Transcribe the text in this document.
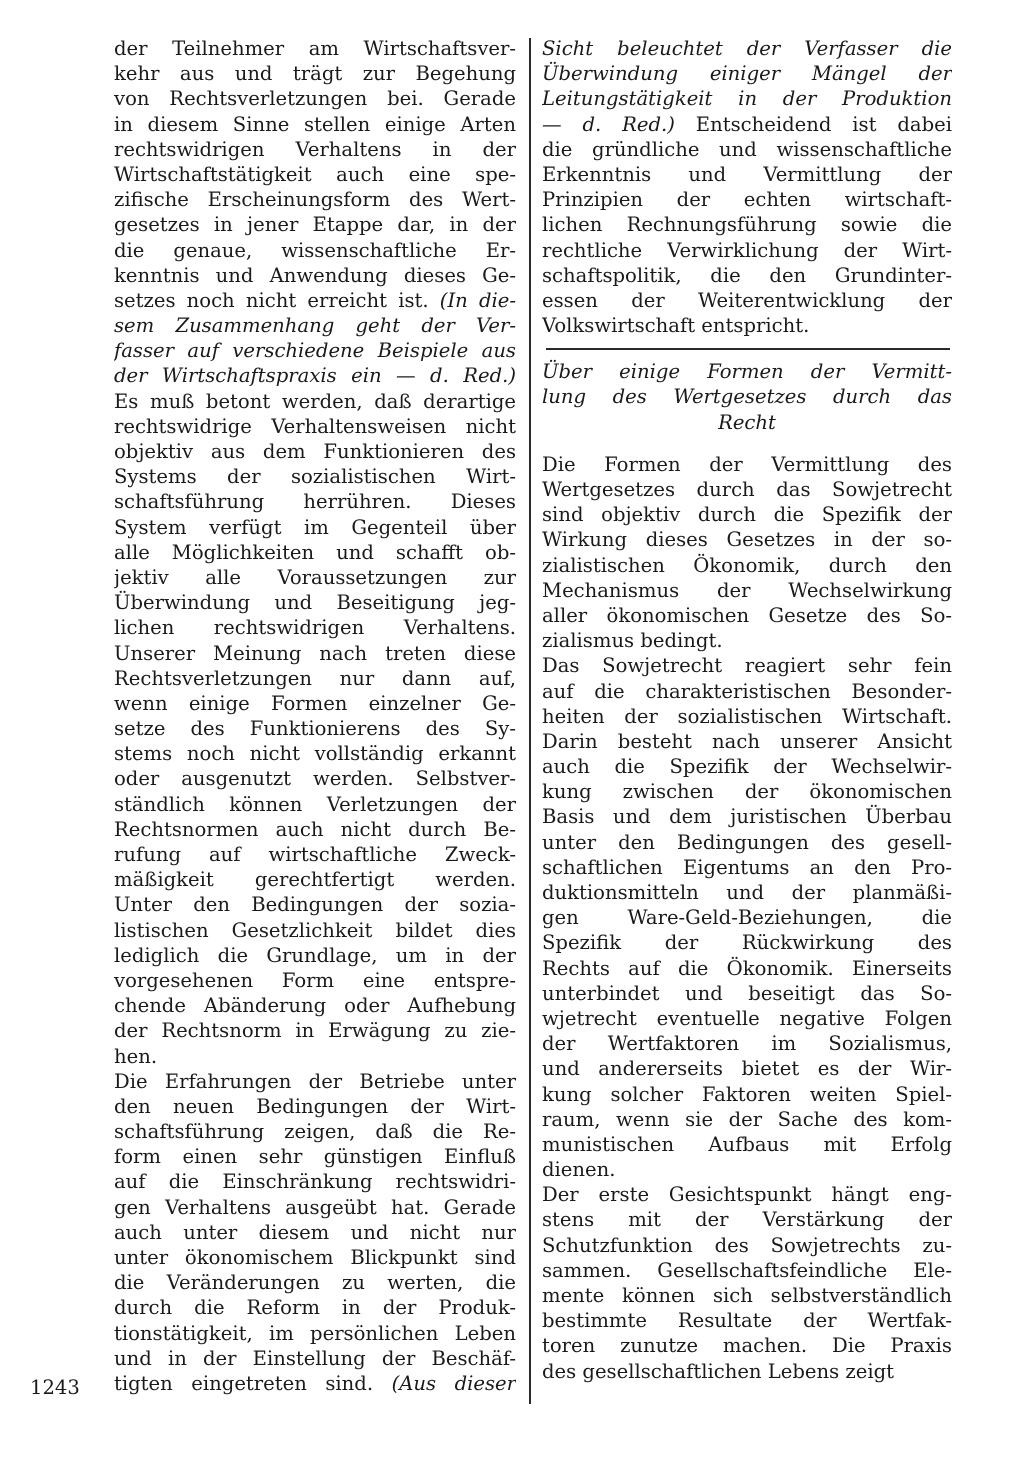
der Teilnehmer am Wirtschaftsver-
kehr aus und trägt zur Begehung
von Rechtsverletzungen bei. Gerade
in diesem Sinne stellen einige Arten
rechtswidrigen Verhaltens in der
Wirtschaftstätigkeit auch eine spe-
zifische Erscheinungsform des Wert-
gesetzes in jener Etappe dar, in der
die genaue, wissenschaftliche Er-
kenntnis und Anwendung dieses Ge-
setzes noch nicht erreicht ist. (In die-
sem Zusammenhang geht der Ver-
fasser auf verschiedene Beispiele aus
der Wirtschaftspraxis ein — d. Red.)
Es muß betont werden, daß derartige
rechtswidrige Verhaltensweisen nicht
objektiv aus dem Funktionieren des
Systems der sozialistischen Wirt-
schaftsführung herrühren. Dieses
System verfügt im Gegenteil über
alle Möglichkeiten und schafft ob-
jektiv alle Voraussetzungen zur
Überwindung und Beseitigung jeg-
lichen rechtswidrigen Verhaltens.
Unserer Meinung nach treten diese
Rechtsverletzungen nur dann auf,
wenn einige Formen einzelner Ge-
setze des Funktionierens des Sy-
stems noch nicht vollständig erkannt
oder ausgenutzt werden. Selbstver-
ständlich können Verletzungen der
Rechtsnormen auch nicht durch Be-
rufung auf wirtschaftliche Zweck-
mäßigkeit gerechtfertigt werden.
Unter den Bedingungen der sozia-
listischen Gesetzlichkeit bildet dies
lediglich die Grundlage, um in der
vorgesehenen Form eine entspre-
chende Abänderung oder Aufhebung
der Rechtsnorm in Erwägung zu zie-
hen.
Die Erfahrungen der Betriebe unter
den neuen Bedingungen der Wirt-
schaftsführung zeigen, daß die Re-
form einen sehr günstigen Einfluß
auf die Einschränkung rechtswidri-
gen Verhaltens ausgeübt hat. Gerade
auch unter diesem und nicht nur
unter ökonomischem Blickpunkt sind
die Veränderungen zu werten, die
durch die Reform in der Produk-
tionstätigkeit, im persönlichen Leben
und in der Einstellung der Beschäf-
tigten eingetreten sind. (Aus dieser
Sicht beleuchtet der Verfasser die
Überwindung einiger Mängel der
Leitungstätigkeit in der Produktion
— d. Red.) Entscheidend ist dabei
die gründliche und wissenschaftliche
Erkenntnis und Vermittlung der
Prinzipien der echten wirtschaft-
lichen Rechnungsführung sowie die
rechtliche Verwirklichung der Wirt-
schaftspolitik, die den Grundinter-
essen der Weiterentwicklung der
Volkswirtschaft entspricht.
Über einige Formen der Vermitt-
lung des Wertgesetzes durch das
Recht
Die Formen der Vermittlung des
Wertgesetzes durch das Sowjetrecht
sind objektiv durch die Spezifik der
Wirkung dieses Gesetzes in der so-
zialistischen Ökonomik, durch den
Mechanismus der Wechselwirkung
aller ökonomischen Gesetze des So-
zialismus bedingt.
Das Sowjetrecht reagiert sehr fein
auf die charakteristischen Besonder-
heiten der sozialistischen Wirtschaft.
Darin besteht nach unserer Ansicht
auch die Spezifik der Wechselwir-
kung zwischen der ökonomischen
Basis und dem juristischen Überbau
unter den Bedingungen des gesell-
schaftlichen Eigentums an den Pro-
duktionsmitteln und der planmäßi-
gen Ware-Geld-Beziehungen, die
Spezifik der Rückwirkung des
Rechts auf die Ökonomik. Einerseits
unterbindet und beseitigt das So-
wjetrecht eventuelle negative Folgen
der Wertfaktoren im Sozialismus,
und andererseits bietet es der Wir-
kung solcher Faktoren weiten Spiel-
raum, wenn sie der Sache des kom-
munistischen Aufbaus mit Erfolg
dienen.
Der erste Gesichtspunkt hängt eng-
stens mit der Verstärkung der
Schutzfunktion des Sowjetrechts zu-
sammen. Gesellschaftsfeindliche Ele-
mente können sich selbstverständlich
bestimmte Resultate der Wertfak-
toren zunutze machen. Die Praxis
des gesellschaftlichen Lebens zeigt
1243
